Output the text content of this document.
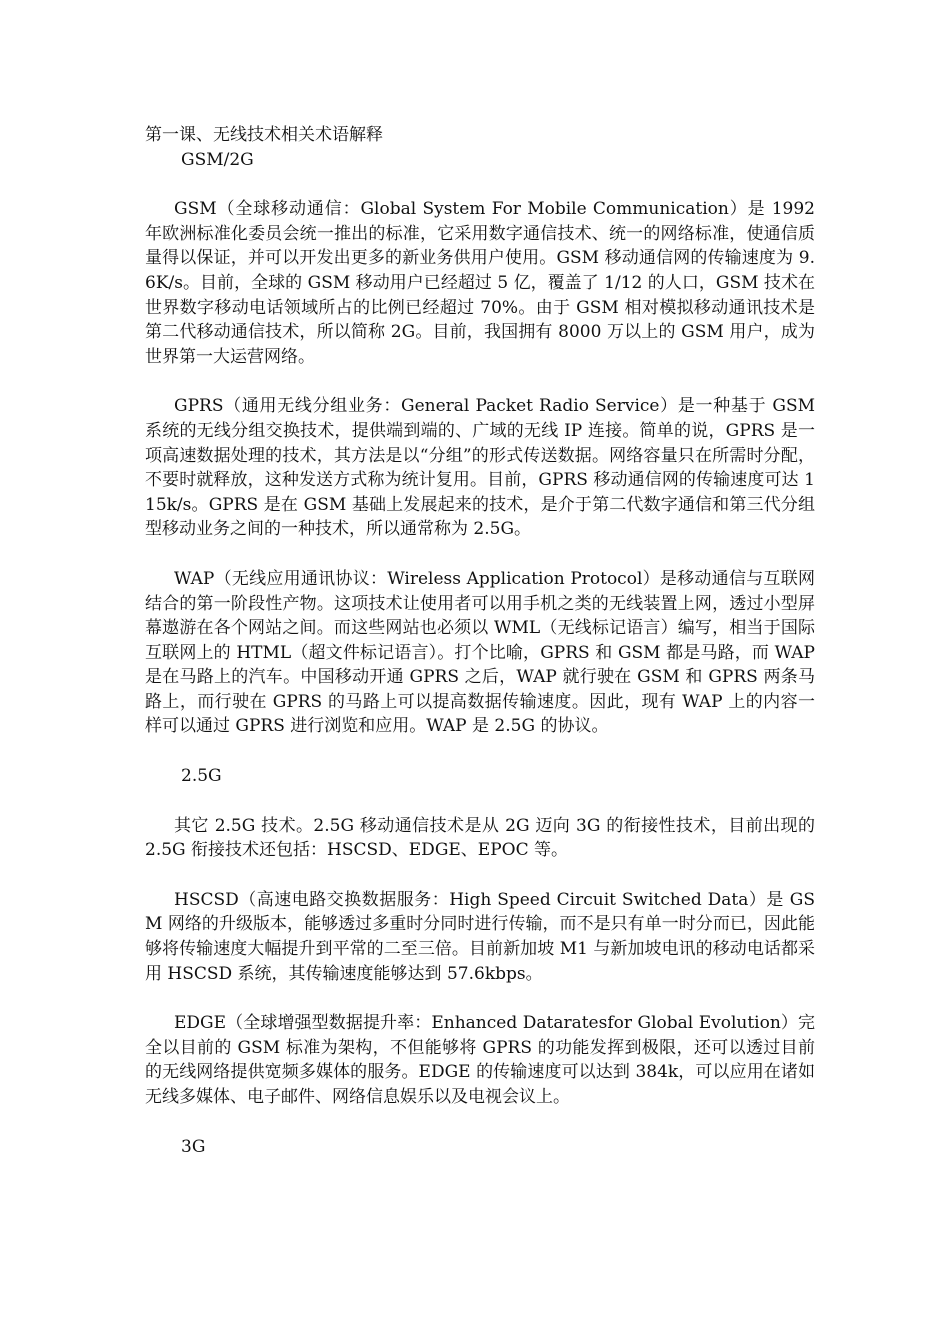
第一课、无线技术相关术语解释

GSM/2G

GSM（全球移动通信：Global System For Mobile Communication）是 1992 年欧洲标准化委员会统一推出的标准，它采用数字通信技术、统一的网络标准，使通信质量得以保证，并可以开发出更多的新业务供用户使用。GSM 移动通信网的传输速度为 9.6K/s。目前，全球的 GSM 移动用户已经超过 5 亿，覆盖了 1/12 的人口，GSM 技术在世界数字移动电话领域所占的比例已经超过 70%。由于 GSM 相对模拟移动通讯技术是第二代移动通信技术，所以简称 2G。目前，我国拥有 8000 万以上的 GSM 用户，成为世界第一大运营网络。

GPRS（通用无线分组业务：General Packet Radio Service）是一种基于 GSM 系统的无线分组交换技术，提供端到端的、广域的无线 IP 连接。简单的说，GPRS 是一项高速数据处理的技术，其方法是以“分组”的形式传送数据。网络容量只在所需时分配，不要时就释放，这种发送方式称为统计复用。目前，GPRS 移动通信网的传输速度可达 115k/s。GPRS 是在 GSM 基础上发展起来的技术，是介于第二代数字通信和第三代分组型移动业务之间的一种技术，所以通常称为 2.5G。

WAP（无线应用通讯协议：Wireless Application Protocol）是移动通信与互联网结合的第一阶段性产物。这项技术让使用者可以用手机之类的无线装置上网，透过小型屏幕遨游在各个网站之间。而这些网站也必须以 WML（无线标记语言）编写，相当于国际互联网上的 HTML（超文件标记语言）。打个比喻，GPRS 和 GSM 都是马路，而 WAP 是在马路上的汽车。中国移动开通 GPRS 之后，WAP 就行驶在 GSM 和 GPRS 两条马路上，而行驶在 GPRS 的马路上可以提高数据传输速度。因此，现有 WAP 上的内容一样可以通过 GPRS 进行浏览和应用。WAP 是 2.5G 的协议。

2.5G

其它 2.5G 技术。2.5G 移动通信技术是从 2G 迈向 3G 的衔接性技术，目前出现的 2.5G 衔接技术还包括：HSCSD、EDGE、EPOC 等。

HSCSD（高速电路交换数据服务：High Speed Circuit Switched Data）是 GSM 网络的升级版本，能够透过多重时分同时进行传输，而不是只有单一时分而已，因此能够将传输速度大幅提升到平常的二至三倍。目前新加坡 M1 与新加坡电讯的移动电话都采用 HSCSD 系统，其传输速度能够达到 57.6kbps。

EDGE（全球增强型数据提升率：Enhanced Dataratesfor Global Evolution）完全以目前的 GSM 标准为架构，不但能够将 GPRS 的功能发挥到极限，还可以透过目前的无线网络提供宽频多媒体的服务。EDGE 的传输速度可以达到 384k，可以应用在诸如无线多媒体、电子邮件、网络信息娱乐以及电视会议上。

3G
